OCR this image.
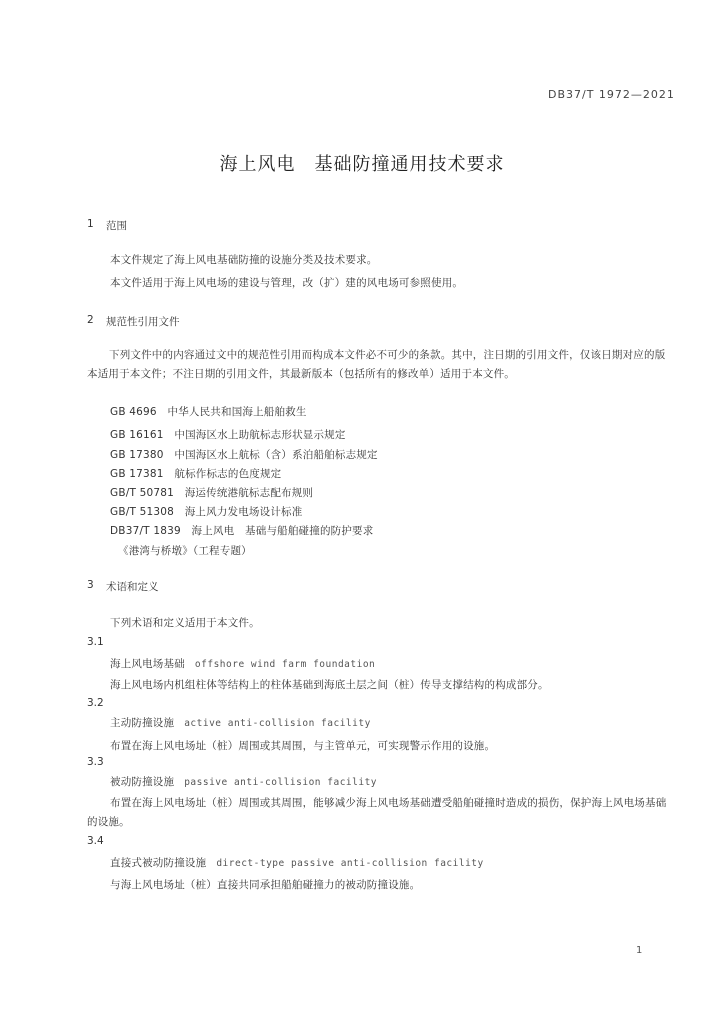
DB37/T 1972—2021
海上风电　基础防撞通用技术要求
1 范围
本文件规定了海上风电基础防撞的设施分类及技术要求。
本文件适用于海上风电场的建设与管理，改（扩）建的风电场可参照使用。
2 规范性引用文件
下列文件中的内容通过文中的规范性引用而构成本文件必不可少的条款。其中，注日期的引用文件，仅该日期对应的版本适用于本文件；不注日期的引用文件，其最新版本（包括所有的修改单）适用于本文件。
GB 4696　中华人民共和国海上船舶救生
GB 16161　中国海区水上助航标志形状显示规定
GB 17380　中国海区水上航标（含）系泊船舶标志规定
GB 17381　航标作标志的色度规定
GB/T 50781　海运传统港航标志配布规则
GB/T 51308　海上风力发电场设计标准
DB37/T 1839　海上风电　基础与船舶碰撞的防护要求
《港湾与桥墩》（工程专题）
3 术语和定义
下列术语和定义适用于本文件。
3.1
海上风电场基础 offshore wind farm foundation
海上风电场内机组柱体等结构上的柱体基础到海底土层之间（桩）传导支撑结构的构成部分。
3.2
主动防撞设施 active anti-collision facility
布置在海上风电场址（桩）周围或其周围，与主管单元，可实现警示作用的设施。
3.3
被动防撞设施 passive anti-collision facility
布置在海上风电场址（桩）周围或其周围，能够减少海上风电场基础遭受船舶碰撞时造成的损伤，保护海上风电场基础的设施。
3.4
直接式被动防撞设施 direct-type passive anti-collision facility
与海上风电场址（桩）直接共同承担船舶碰撞力的被动防撞设施。
1
